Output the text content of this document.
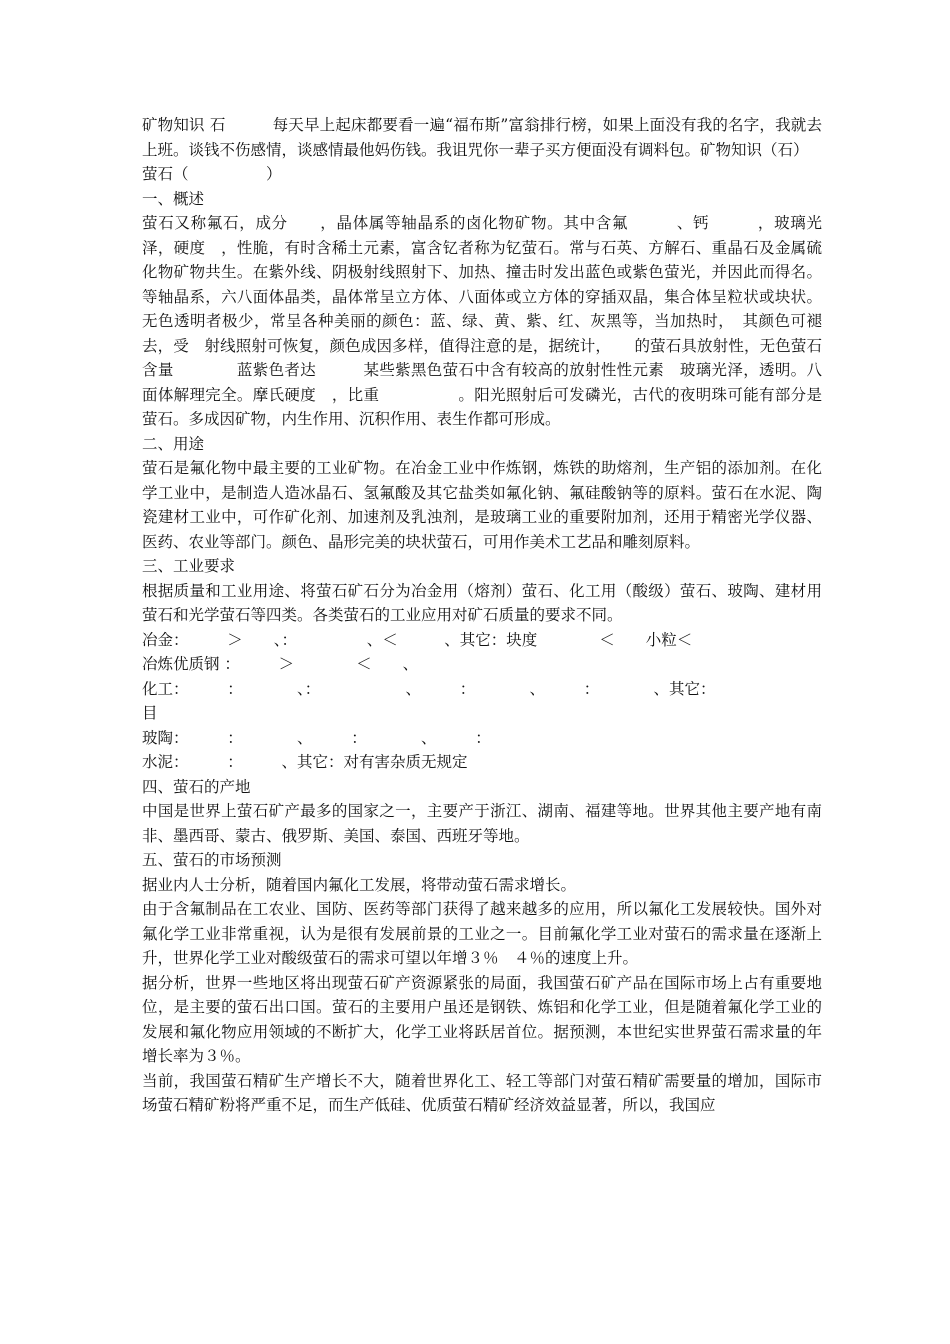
矿物知识 石　　　每天早上起床都要看一遍“福布斯”富翁排行榜，如果上面没有我的名字，我就去上班。谈钱不伤感情，谈感情最他妈伤钱。我诅咒你一辈子买方便面没有调料包。矿物知识（石）

萤石（　　　　　）

一、概述

萤石又称氟石，成分　　，晶体属等轴晶系的卤化物矿物。其中含氟　　　、钙　　　，玻璃光泽，硬度　，性脆，有时含稀土元素，富含钇者称为钇萤石。常与石英、方解石、重晶石及金属硫化物矿物共生。在紫外线、阴极射线照射下、加热、撞击时发出蓝色或紫色萤光，并因此而得名。等轴晶系，六八面体晶类，晶体常呈立方体、八面体或立方体的穿插双晶，集合体呈粒状或块状。无色透明者极少，常呈各种美丽的颜色：蓝、绿、黄、紫、红、灰黑等，当加热时，　其颜色可褪去，受　射线照射可恢复，颜色成因多样，值得注意的是，据统计，　　的萤石具放射性，无色萤石含量　　　　蓝紫色者达　　　某些紫黑色萤石中含有较高的放射性性元素　玻璃光泽，透明。八面体解理完全。摩氏硬度　，比重　　　　　。阳光照射后可发磷光，古代的夜明珠可能有部分是萤石。多成因矿物，内生作用、沉积作用、表生作都可形成。

二、用途

萤石是氟化物中最主要的工业矿物。在冶金工业中作炼钢，炼铁的助熔剂，生产铝的添加剂。在化学工业中，是制造人造冰晶石、氢氟酸及其它盐类如氟化钠、氟硅酸钠等的原料。萤石在水泥、陶瓷建材工业中，可作矿化剂、加速剂及乳浊剂，是玻璃工业的重要附加剂，还用于精密光学仪器、医药、农业等部门。颜色、晶形完美的块状萤石，可用作美术工艺品和雕刻原料。

三、工业要求

根据质量和工业用途、将萤石矿石分为冶金用（熔剂）萤石、化工用（酸级）萤石、玻陶、建材用萤石和光学萤石等四类。各类萤石的工业应用对矿石质量的要求不同。

冶金：　　　＞　　、：　　　　　、＜　　　、其它：块度　　　　＜　　小粒＜

冶炼优质钢 ：　　　＞　　　　＜　　、

化工：　　　：　　　　、：　　　　　　、　　　：　　　　、　　　：　　　　、其它：

目

玻陶：　　　：　　　　、　　　：　　　　、　　　：

水泥：　　　：　　　、其它：对有害杂质无规定

四、萤石的产地

中国是世界上萤石矿产最多的国家之一，主要产于浙江、湖南、福建等地。世界其他主要产地有南非、墨西哥、蒙古、俄罗斯、美国、泰国、西班牙等地。

五、萤石的市场预测

据业内人士分析，随着国内氟化工发展，将带动萤石需求增长。

由于含氟制品在工农业、国防、医药等部门获得了越来越多的应用，所以氟化工发展较快。国外对氟化学工业非常重视，认为是很有发展前景的工业之一。目前氟化学工业对萤石的需求量在逐渐上升，世界化学工业对酸级萤石的需求可望以年增３％　４％的速度上升。

据分析，世界一些地区将出现萤石矿产资源紧张的局面，我国萤石矿产品在国际市场上占有重要地位，是主要的萤石出口国。萤石的主要用户虽还是钢铁、炼铝和化学工业，但是随着氟化学工业的发展和氟化物应用领域的不断扩大，化学工业将跃居首位。据预测，本世纪实世界萤石需求量的年增长率为３％。

当前，我国萤石精矿生产增长不大，随着世界化工、轻工等部门对萤石精矿需要量的增加，国际市场萤石精矿粉将严重不足，而生产低硅、优质萤石精矿经济效益显著，所以，我国应
